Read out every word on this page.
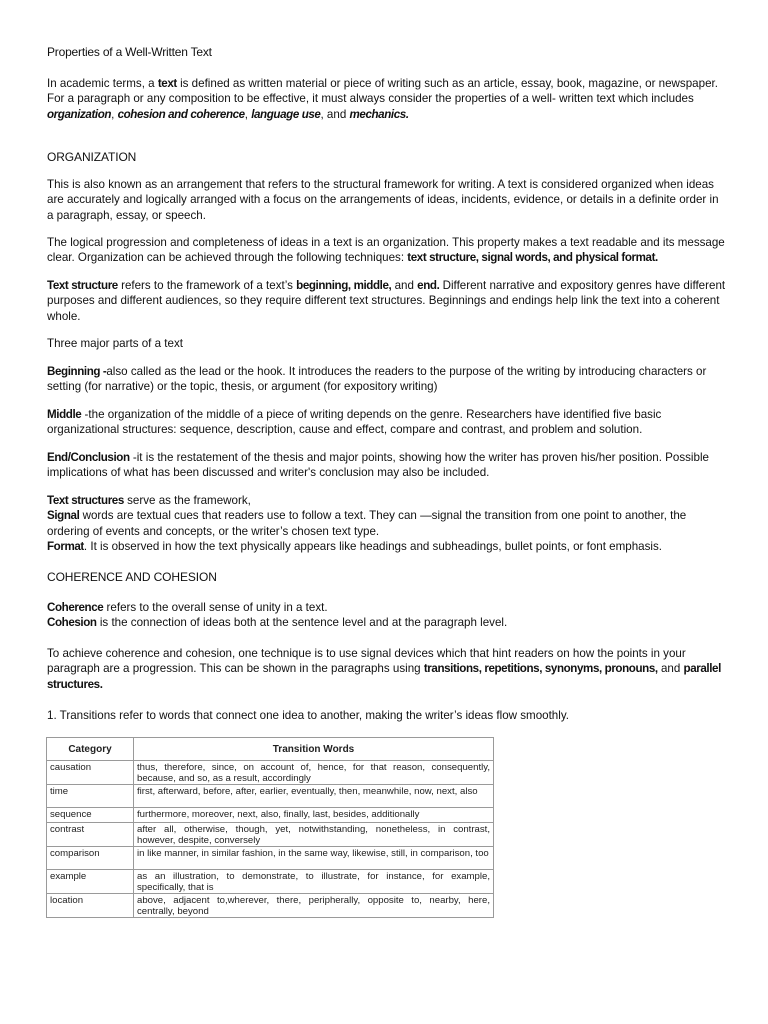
Properties of a Well-Written Text

In academic terms, a text is defined as written material or piece of writing such as an article, essay, book, magazine, or newspaper. For a paragraph or any composition to be effective, it must always consider the properties of a well- written text which includes organization, cohesion and coherence, language use, and mechanics.

ORGANIZATION

This is also known as an arrangement that refers to the structural framework for writing. A text is considered organized when ideas are accurately and logically arranged with a focus on the arrangements of ideas, incidents, evidence, or details in a definite order in a paragraph, essay, or speech.

The logical progression and completeness of ideas in a text is an organization. This property makes a text readable and its message clear. Organization can be achieved through the following techniques: text structure, signal words, and physical format.

Text structure refers to the framework of a text’s beginning, middle, and end. Different narrative and expository genres have different purposes and different audiences, so they require different text structures. Beginnings and endings help link the text into a coherent whole.

Three major parts of a text

Beginning -also called as the lead or the hook. It introduces the readers to the purpose of the writing by introducing characters or setting (for narrative) or the topic, thesis, or argument (for expository writing)

Middle -the organization of the middle of a piece of writing depends on the genre. Researchers have identified five basic organizational structures: sequence, description, cause and effect, compare and contrast, and problem and solution.

End/Conclusion -it is the restatement of the thesis and major points, showing how the writer has proven his/her position. Possible implications of what has been discussed and writer's conclusion may also be included.

Text structures serve as the framework,
Signal words are textual cues that readers use to follow a text. They can —signal the transition from one point to another, the ordering of events and concepts, or the writer’s chosen text type.
Format. It is observed in how the text physically appears like headings and subheadings, bullet points, or font emphasis.

COHERENCE AND COHESION

Coherence refers to the overall sense of unity in a text.
Cohesion is the connection of ideas both at the sentence level and at the paragraph level.

To achieve coherence and cohesion, one technique is to use signal devices which that hint readers on how the points in your paragraph are a progression. This can be shown in the paragraphs using transitions, repetitions, synonyms, pronouns, and parallel structures.

1. Transitions refer to words that connect one idea to another, making the writer’s ideas flow smoothly.

Category	Transition Words
causation	thus, therefore, since, on account of, hence, for that reason, consequently, because, and so, as a result, accordingly
time	first, afterward, before, after, earlier, eventually, then, meanwhile, now, next, also
sequence	furthermore, moreover, next, also, finally, last, besides, additionally
contrast	after all, otherwise, though, yet, notwithstanding, nonetheless, in contrast, however, despite, conversely
comparison	in like manner, in similar fashion, in the same way, likewise, still, in comparison, too
example	as an illustration, to demonstrate, to illustrate, for instance, for example, specifically, that is
location	above, adjacent to,wherever, there, peripherally, opposite to, nearby, here, centrally, beyond
